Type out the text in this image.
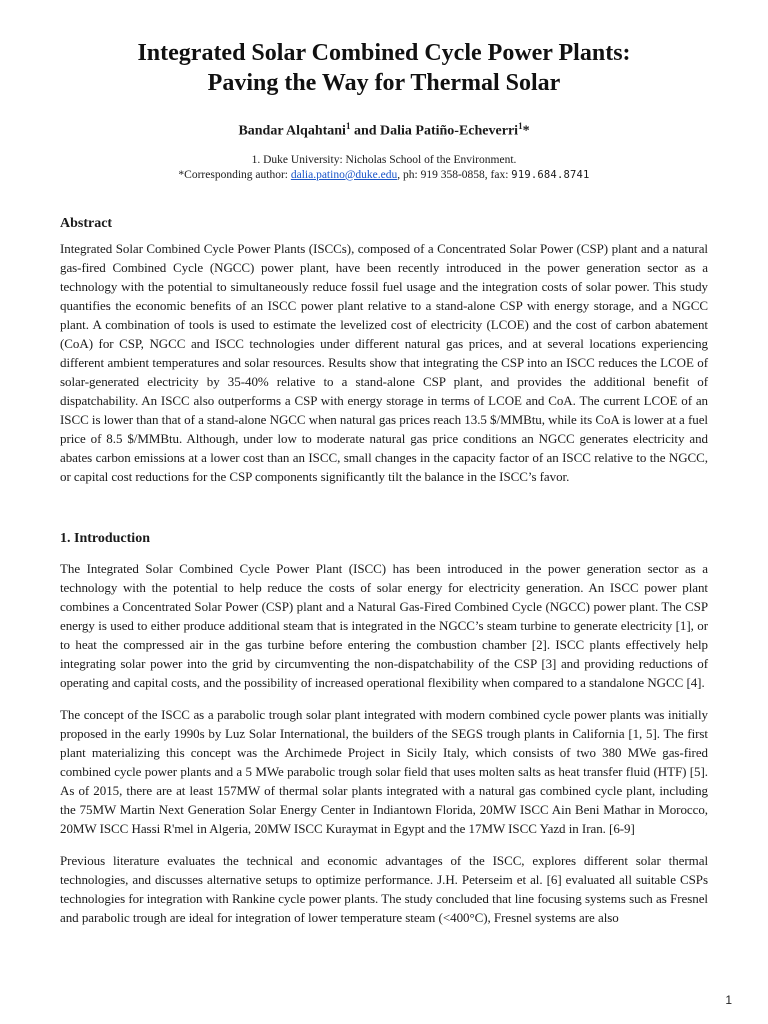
Integrated Solar Combined Cycle Power Plants:
Paving the Way for Thermal Solar
Bandar Alqahtani$^1$ and Dalia Patiño-Echeverri$^1$*
1. Duke University: Nicholas School of the Environment.
*Corresponding author: dalia.patino@duke.edu, ph: 919 358-0858, fax: 919.684.8741
Abstract

Integrated Solar Combined Cycle Power Plants (ISCCs), composed of a Concentrated Solar Power (CSP) plant and a natural gas-fired Combined Cycle (NGCC) power plant, have been recently introduced in the power generation sector as a technology with the potential to simultaneously reduce fossil fuel usage and the integration costs of solar power. This study quantifies the economic benefits of an ISCC power plant relative to a stand-alone CSP with energy storage, and a NGCC plant. A combination of tools is used to estimate the levelized cost of electricity (LCOE) and the cost of carbon abatement (CoA) for CSP, NGCC and ISCC technologies under different natural gas prices, and at several locations experiencing different ambient temperatures and solar resources. Results show that integrating the CSP into an ISCC reduces the LCOE of solar-generated electricity by 35-40% relative to a stand-alone CSP plant, and provides the additional benefit of dispatchability. An ISCC also outperforms a CSP with energy storage in terms of LCOE and CoA. The current LCOE of an ISCC is lower than that of a stand-alone NGCC when natural gas prices reach 13.5 $/MMBtu, while its CoA is lower at a fuel price of 8.5 $/MMBtu. Although, under low to moderate natural gas price conditions an NGCC generates electricity and abates carbon emissions at a lower cost than an ISCC, small changes in the capacity factor of an ISCC relative to the NGCC, or capital cost reductions for the CSP components significantly tilt the balance in the ISCC’s favor.

1. Introduction

The Integrated Solar Combined Cycle Power Plant (ISCC) has been introduced in the power generation sector as a technology with the potential to help reduce the costs of solar energy for electricity generation. An ISCC power plant combines a Concentrated Solar Power (CSP) plant and a Natural Gas-Fired Combined Cycle (NGCC) power plant. The CSP energy is used to either produce additional steam that is integrated in the NGCC’s steam turbine to generate electricity [1], or to heat the compressed air in the gas turbine before entering the combustion chamber [2]. ISCC plants effectively help integrating solar power into the grid by circumventing the non-dispatchability of the CSP [3] and providing reductions of operating and capital costs, and the possibility of increased operational flexibility when compared to a standalone NGCC [4].

The concept of the ISCC as a parabolic trough solar plant integrated with modern combined cycle power plants was initially proposed in the early 1990s by Luz Solar International, the builders of the SEGS trough plants in California [1, 5]. The first plant materializing this concept was the Archimede Project in Sicily Italy, which consists of two 380 MWe gas-fired combined cycle power plants and a 5 MWe parabolic trough solar field that uses molten salts as heat transfer fluid (HTF) [5]. As of 2015, there are at least 157MW of thermal solar plants integrated with a natural gas combined cycle plant, including the 75MW Martin Next Generation Solar Energy Center in Indiantown Florida, 20MW ISCC Ain Beni Mathar in Morocco, 20MW ISCC Hassi R'mel in Algeria, 20MW ISCC Kuraymat in Egypt and the 17MW ISCC Yazd in Iran. [6-9]

Previous literature evaluates the technical and economic advantages of the ISCC, explores different solar thermal technologies, and discusses alternative setups to optimize performance. J.H. Peterseim et al. [6] evaluated all suitable CSPs technologies for integration with Rankine cycle power plants. The study concluded that line focusing systems such as Fresnel and parabolic trough are ideal for integration of lower temperature steam (<400°C), Fresnel systems are also

1
